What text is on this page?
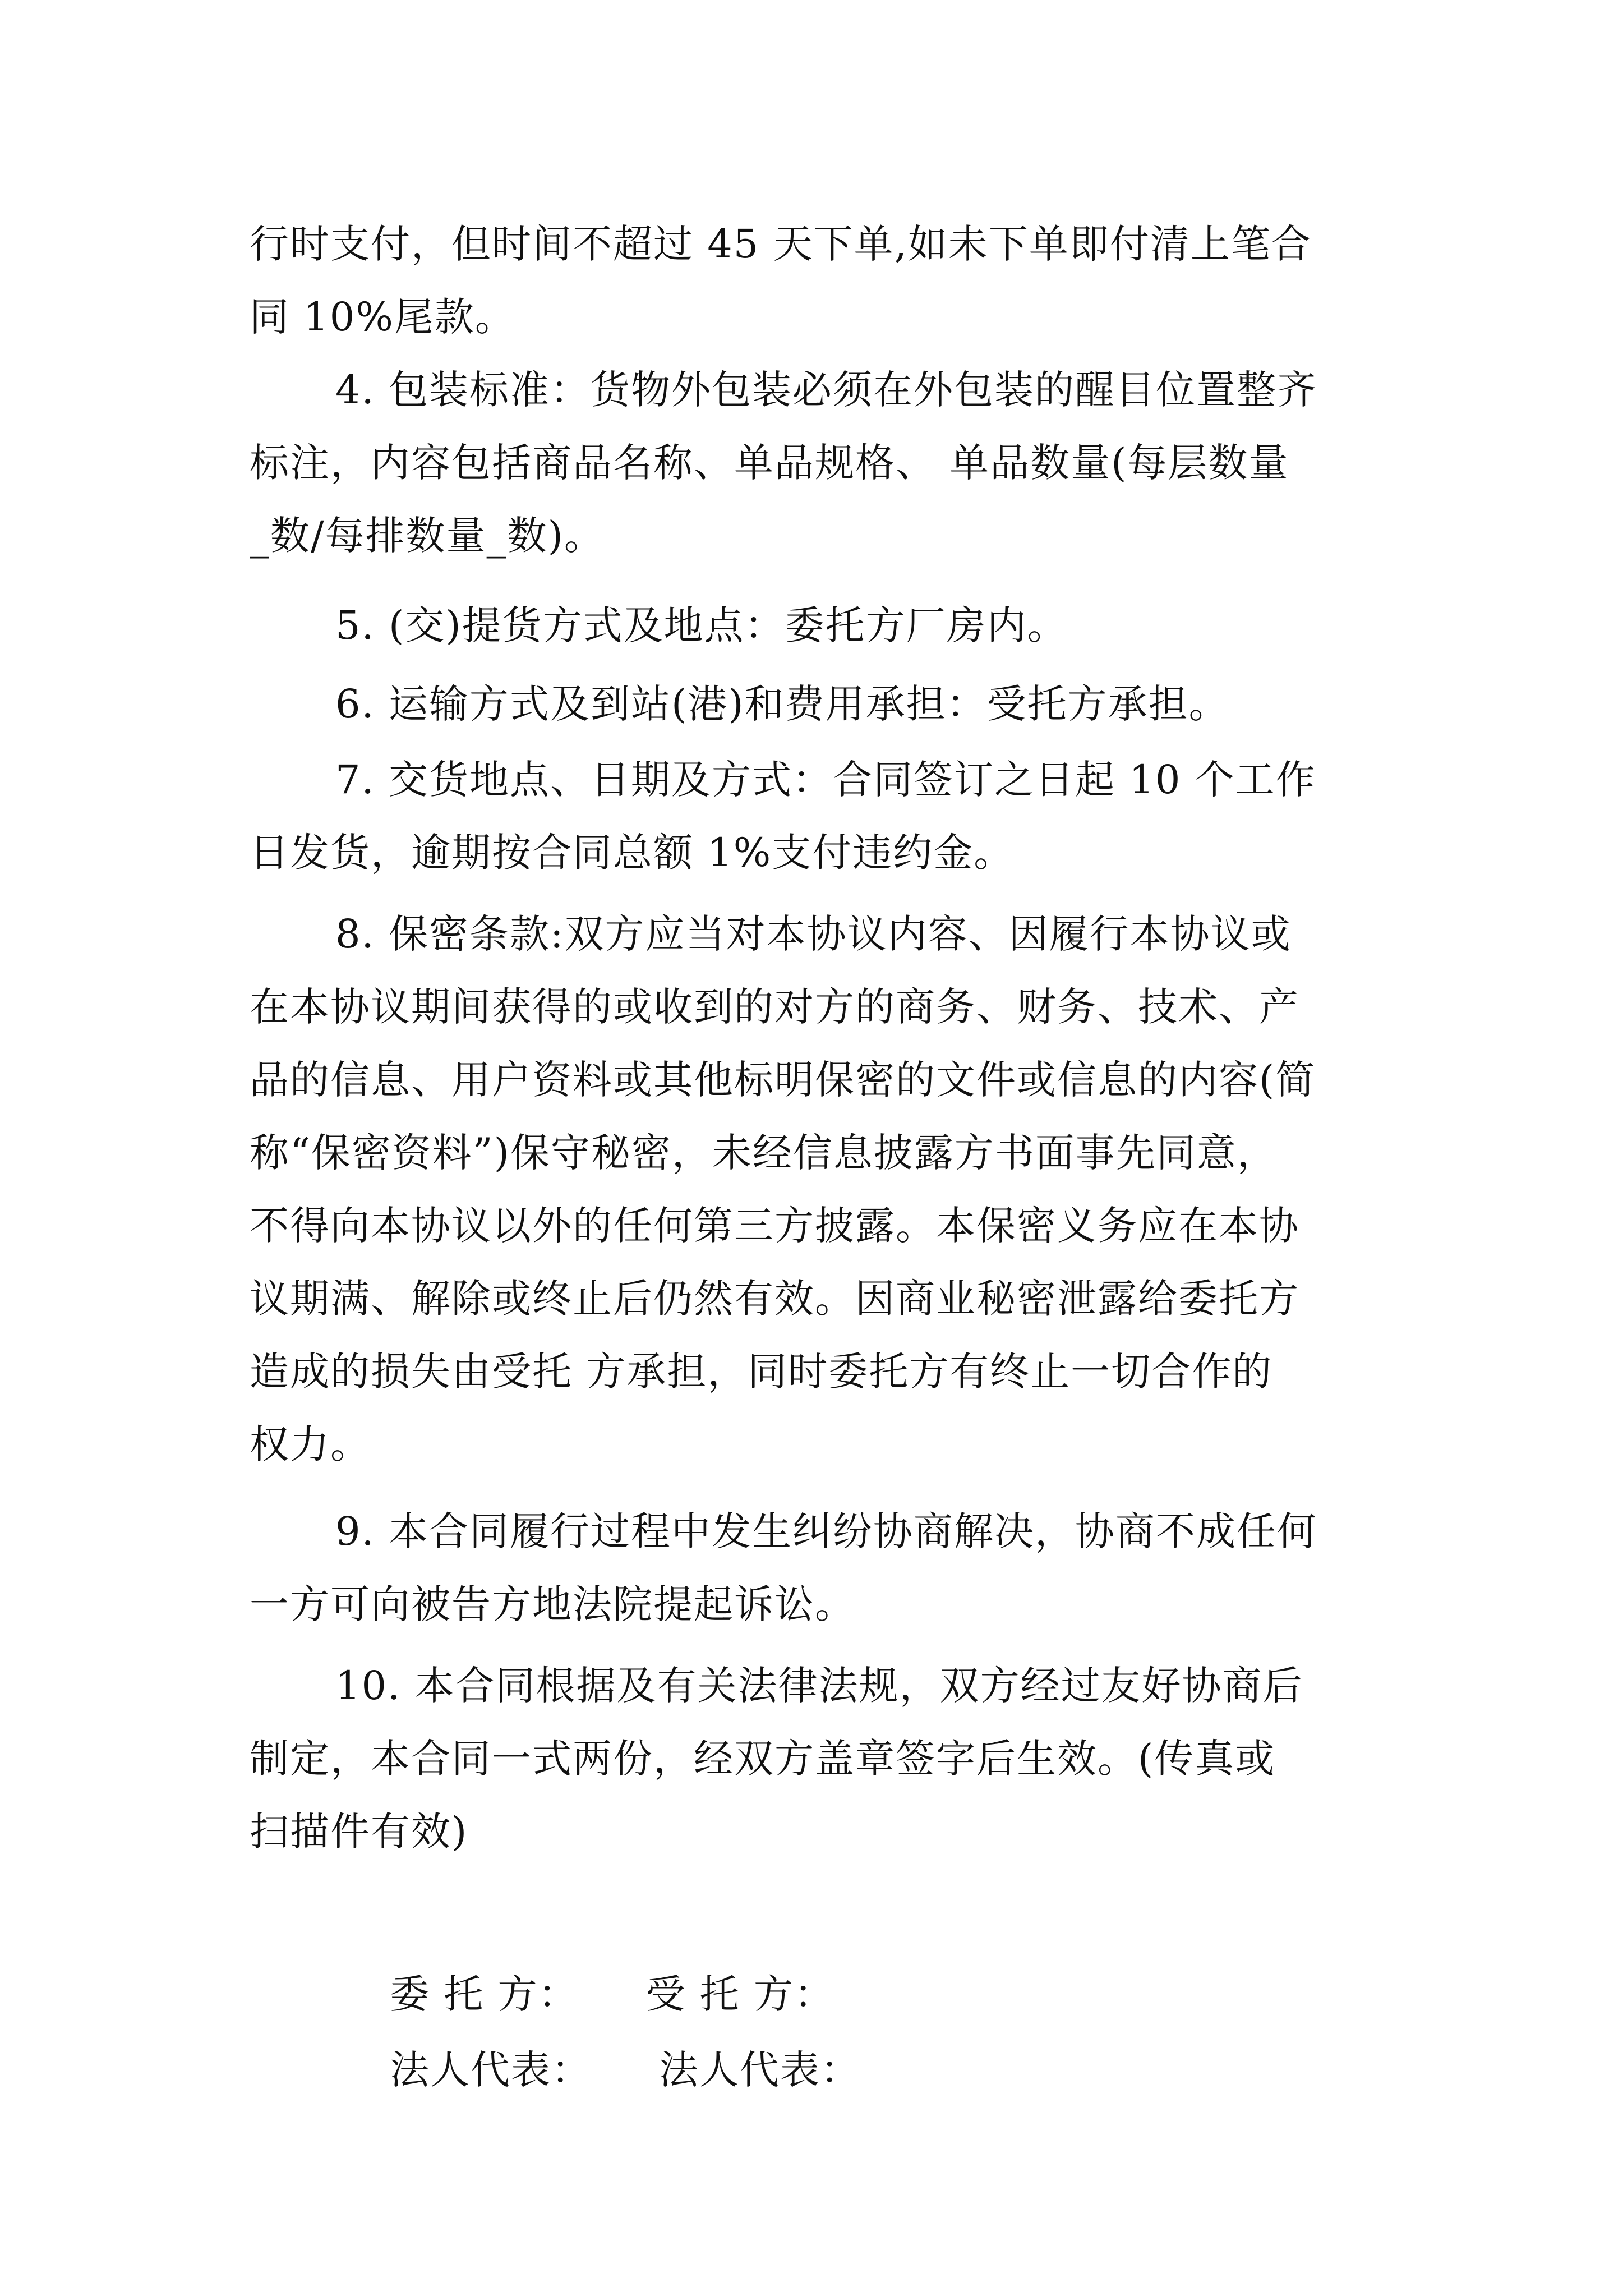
行时支付，但时间不超过 45 天下单,如未下单即付清上笔合
同 10%尾款。
4. 包装标准：货物外包装必须在外包装的醒目位置整齐
标注，内容包括商品名称、单品规格、 单品数量(每层数量
_数/每排数量_数)。
5. (交)提货方式及地点：委托方厂房内。
6. 运输方式及到站(港)和费用承担：受托方承担。
7. 交货地点、日期及方式：合同签订之日起 10 个工作
日发货，逾期按合同总额 1%支付违约金。
8. 保密条款:双方应当对本协议内容、因履行本协议或
在本协议期间获得的或收到的对方的商务、财务、技术、产
品的信息、用户资料或其他标明保密的文件或信息的内容(简
称“保密资料”)保守秘密，未经信息披露方书面事先同意，
不得向本协议以外的任何第三方披露。本保密义务应在本协
议期满、解除或终止后仍然有效。因商业秘密泄露给委托方
造成的损失由受托 方承担，同时委托方有终止一切合作的
权力。
9. 本合同履行过程中发生纠纷协商解决，协商不成任何
一方可向被告方地法院提起诉讼。
10. 本合同根据及有关法律法规，双方经过友好协商后
制定，本合同一式两份，经双方盖章签字后生效。(传真或
扫描件有效)

委 托 方： 受 托 方：

法人代表： 法人代表：
